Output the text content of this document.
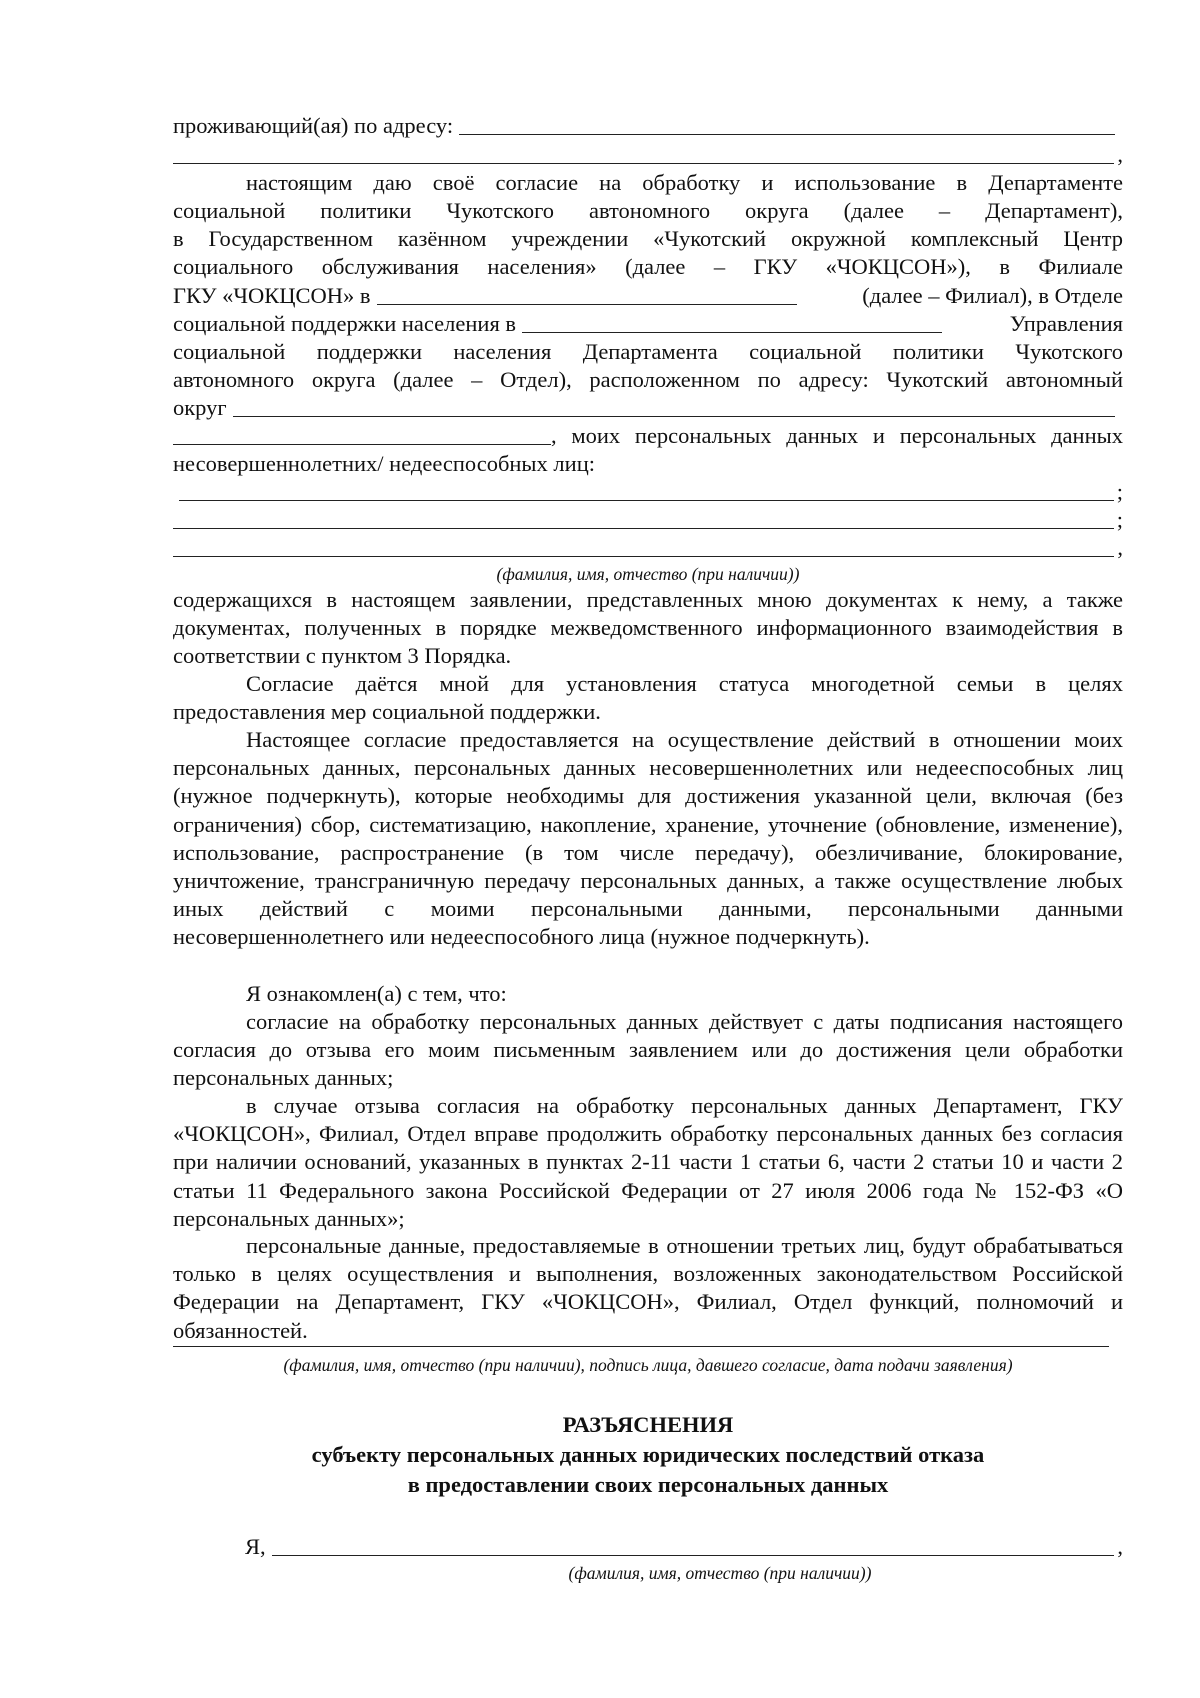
проживающий(ая) по адресу:
,
настоящим даю своё согласие на обработку и использование в Департаменте
социальной политики Чукотского автономного округа (далее – Департамент),
в Государственном казённом учреждении «Чукотский окружной комплексный Центр
социального обслуживания населения» (далее – ГКУ «ЧОКЦСОН»), в Филиале
ГКУ «ЧОКЦСОН» в	(далее – Филиал), в Отделе
социальной поддержки населения в	Управления
социальной поддержки населения Департамента социальной политики Чукотского
автономного округа (далее – Отдел), расположенном по адресу: Чукотский автономный
округ
, моих персональных данных и персональных данных
несовершеннолетних/ недееспособных лиц:
;
;
,
(фамилия, имя, отчество (при наличии))
содержащихся в настоящем заявлении, представленных мною документах к нему, а также документах, полученных в порядке межведомственного информационного взаимодействия в соответствии с пунктом 3 Порядка.
Согласие даётся мной для установления статуса многодетной семьи в целях предоставления мер социальной поддержки.
Настоящее согласие предоставляется на осуществление действий в отношении моих персональных данных, персональных данных несовершеннолетних или недееспособных лиц (нужное подчеркнуть), которые необходимы для достижения указанной цели, включая (без ограничения) сбор, систематизацию, накопление, хранение, уточнение (обновление, изменение), использование, распространение (в том числе передачу), обезличивание, блокирование, уничтожение, трансграничную передачу персональных данных, а также осуществление любых иных действий с моими персональными данными, персональными данными несовершеннолетнего или недееспособного лица (нужное подчеркнуть).
Я ознакомлен(а) с тем, что:
согласие на обработку персональных данных действует с даты подписания настоящего согласия до отзыва его моим письменным заявлением или до достижения цели обработки персональных данных;
в случае отзыва согласия на обработку персональных данных Департамент, ГКУ «ЧОКЦСОН», Филиал, Отдел вправе продолжить обработку персональных данных без согласия при наличии оснований, указанных в пунктах 2-11 части 1 статьи 6, части 2 статьи 10 и части 2 статьи 11 Федерального закона Российской Федерации от 27 июля 2006 года № 152-ФЗ «О персональных данных»;
персональные данные, предоставляемые в отношении третьих лиц, будут обрабатываться только в целях осуществления и выполнения, возложенных законодательством Российской Федерации на Департамент, ГКУ «ЧОКЦСОН», Филиал, Отдел функций, полномочий и обязанностей.
(фамилия, имя, отчество (при наличии), подпись лица, давшего согласие, дата подачи заявления)
РАЗЪЯСНЕНИЯ
субъекту персональных данных юридических последствий отказа
в предоставлении своих персональных данных
Я,	,
(фамилия, имя, отчество (при наличии))
